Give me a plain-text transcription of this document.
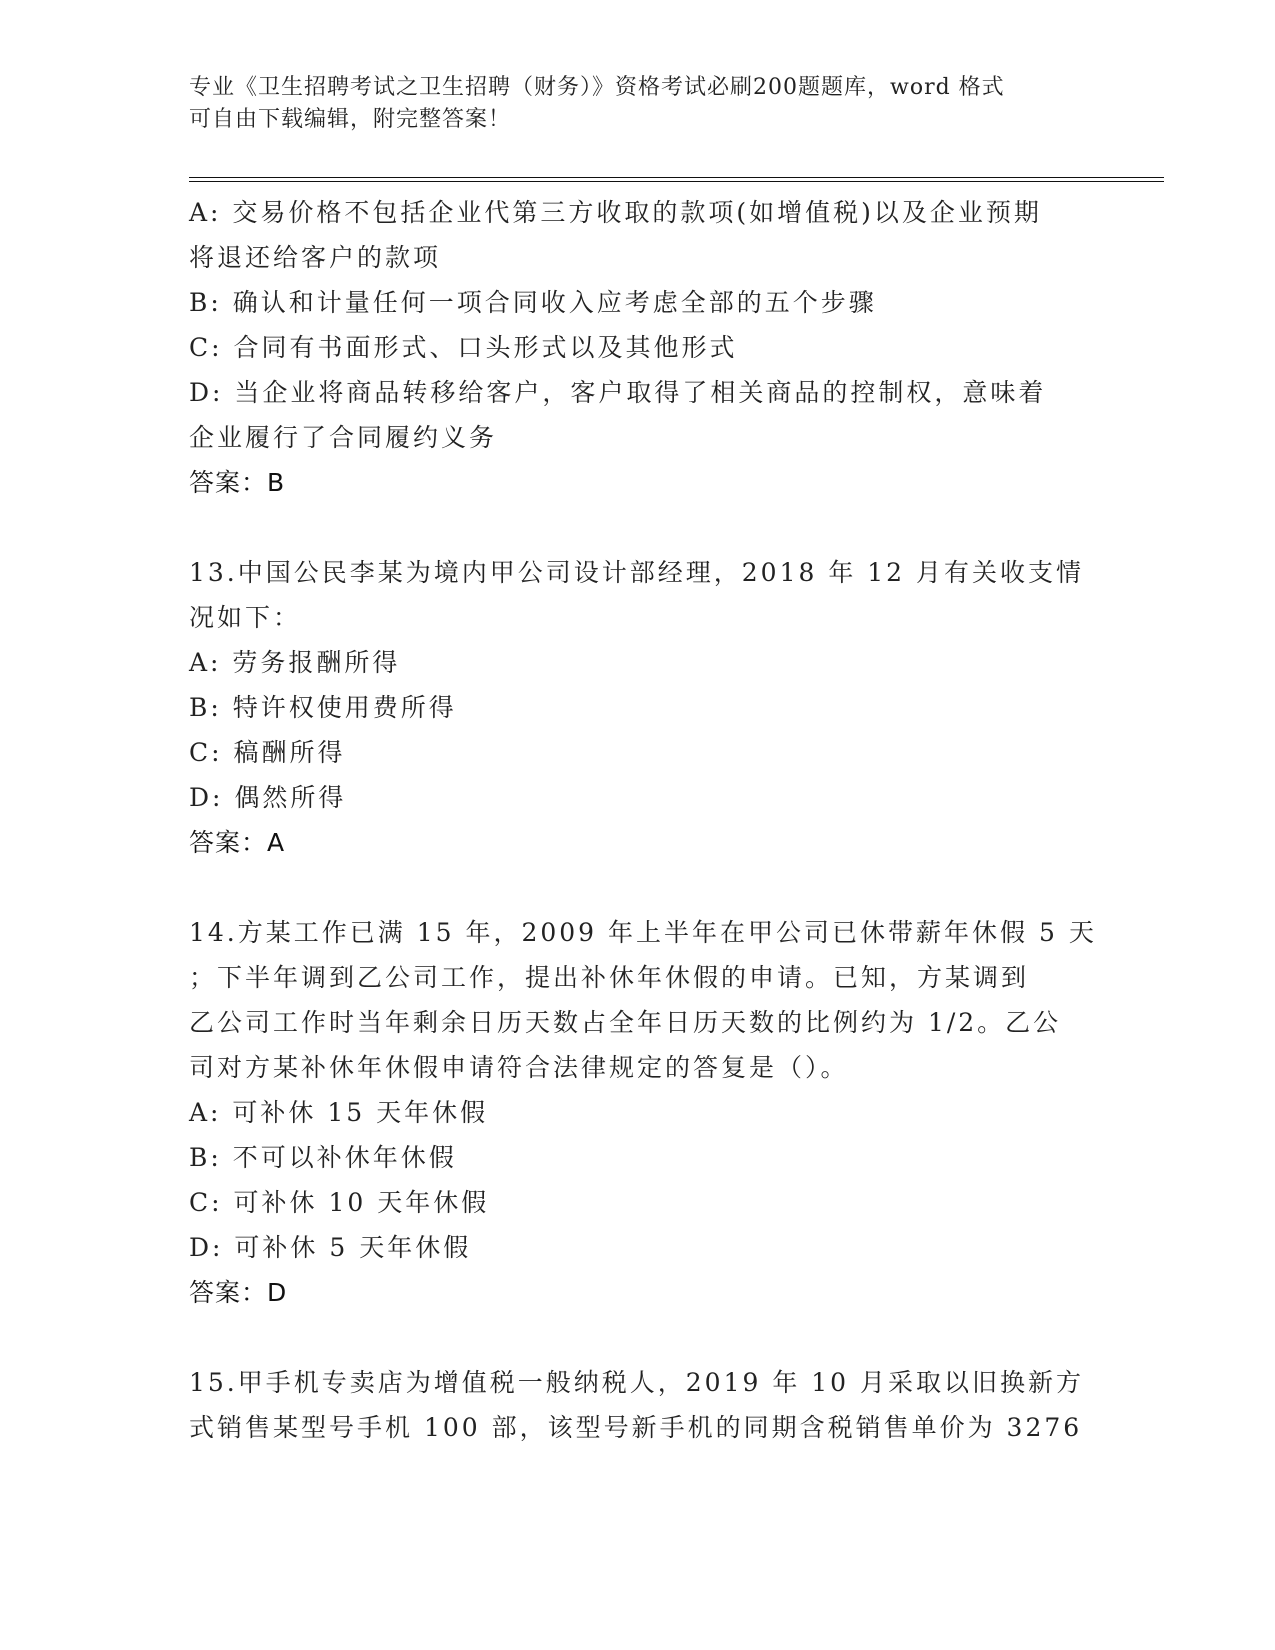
专业《卫生招聘考试之卫生招聘（财务）》资格考试必刷200题题库，word 格式
可自由下载编辑，附完整答案！
A: 交易价格不包括企业代第三方收取的款项(如增值税)以及企业预期
将退还给客户的款项
B: 确认和计量任何一项合同收入应考虑全部的五个步骤
C: 合同有书面形式、口头形式以及其他形式
D: 当企业将商品转移给客户，客户取得了相关商品的控制权，意味着
企业履行了合同履约义务
答案：B
13.中国公民李某为境内甲公司设计部经理，2018 年 12 月有关收支情
况如下：
A: 劳务报酬所得
B: 特许权使用费所得
C: 稿酬所得
D: 偶然所得
答案：A
14.方某工作已满 15 年，2009 年上半年在甲公司已休带薪年休假 5 天
；下半年调到乙公司工作，提出补休年休假的申请。已知，方某调到
乙公司工作时当年剩余日历天数占全年日历天数的比例约为 1/2。乙公
司对方某补休年休假申请符合法律规定的答复是（）。
A: 可补休 15 天年休假
B: 不可以补休年休假
C: 可补休 10 天年休假
D: 可补休 5 天年休假
答案：D
15.甲手机专卖店为增值税一般纳税人，2019 年 10 月采取以旧换新方
式销售某型号手机 100 部，该型号新手机的同期含税销售单价为 3276
